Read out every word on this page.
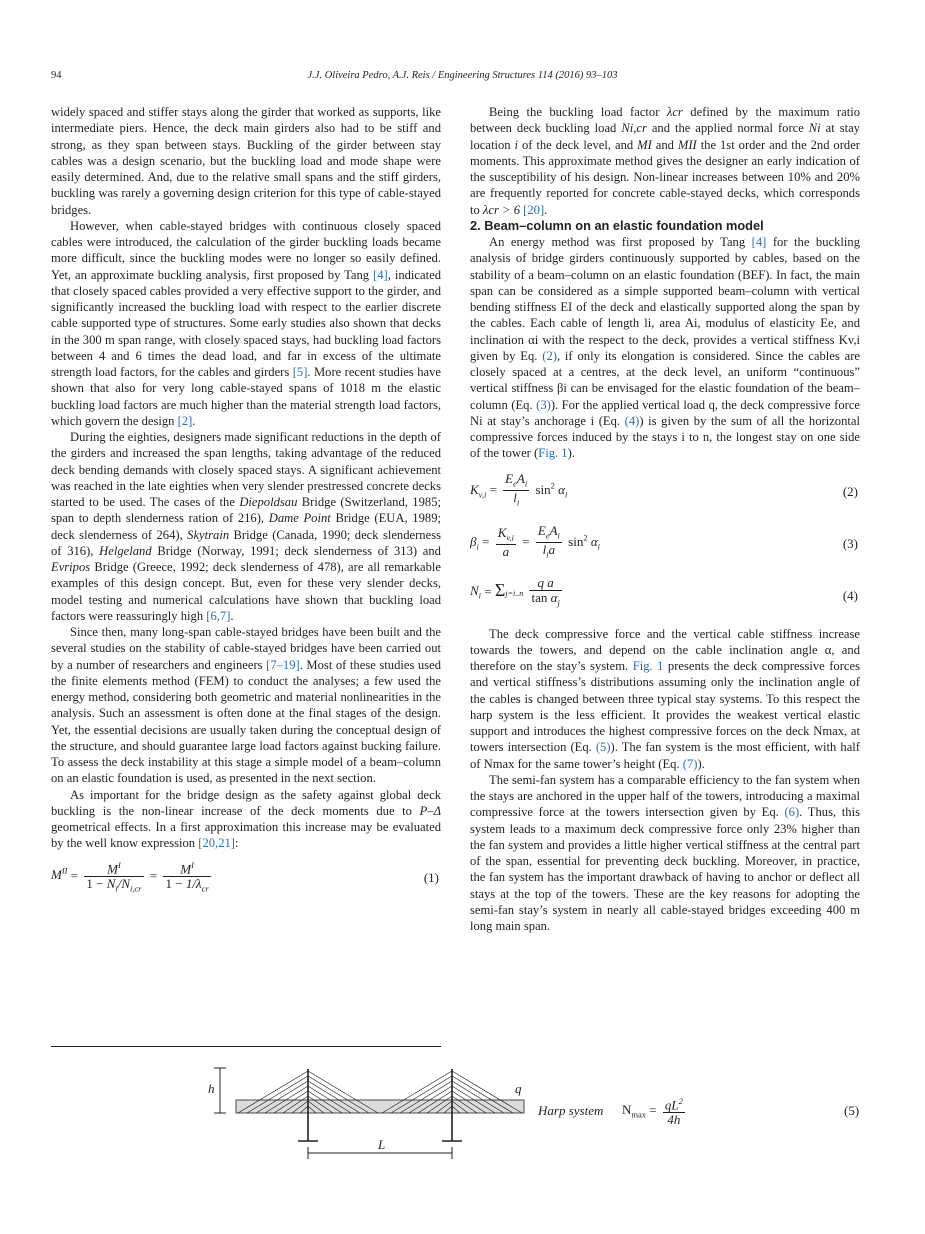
94	J.J. Oliveira Pedro, A.J. Reis / Engineering Structures 114 (2016) 93–103

widely spaced and stiffer stays along the girder that worked as supports, like intermediate piers. Hence, the deck main girders also had to be stiff and strong, as they span between stays. Buckling of the girder between stay cables was a design scenario, but the buckling load and mode shape were easily determined. And, due to the relative small spans and the stiff girders, buckling was rarely a governing design criterion for this type of cable-stayed bridges.

However, when cable-stayed bridges with continuous closely spaced cables were introduced, the calculation of the girder buckling loads became more difficult, since the buckling modes were no longer so easily defined. Yet, an approximate buckling analysis, first proposed by Tang [4], indicated that closely spaced cables provided a very effective support to the girder, and significantly increased the buckling load with respect to the earlier discrete cable supported type of structures. Some early studies also shown that decks in the 300 m span range, with closely spaced stays, had buckling load factors between 4 and 6 times the dead load, and far in excess of the ultimate strength load factors, for the cables and girders [5]. More recent studies have shown that also for very long cable-stayed spans of 1018 m the elastic buckling load factors are much higher than the material strength load factors, which govern the design [2].

During the eighties, designers made significant reductions in the depth of the girders and increased the span lengths, taking advantage of the reduced deck bending demands with closely spaced stays. A significant achievement was reached in the late eighties when very slender prestressed concrete decks started to be used. The cases of the Diepoldsau Bridge (Switzerland, 1985; span to depth slenderness ration of 216), Dame Point Bridge (EUA, 1989; deck slenderness of 264), Skytrain Bridge (Canada, 1990; deck slenderness of 316), Helgeland Bridge (Norway, 1991; deck slenderness of 313) and Evripos Bridge (Greece, 1992; deck slenderness of 478), are all remarkable examples of this design concept. But, even for these very slender decks, model testing and numerical calculations have shown that buckling load factors were reassuringly high [6,7].

Since then, many long-span cable-stayed bridges have been built and the several studies on the stability of cable-stayed bridges have been carried out by a number of researchers and engineers [7–19]. Most of these studies used the finite elements method (FEM) to conduct the analyses; a few used the energy method, considering both geometric and material nonlinearities in the analysis. Such an assessment is often done at the final stages of the design. Yet, the essential decisions are usually taken during the conceptual design of the structure, and should guarantee large load factors against bucking failure. To assess the deck instability at this stage a simple model of a beam–column on an elastic foundation is used, as presented in the next section.

As important for the bridge design as the safety against global deck buckling is the non-linear increase of the deck moments due to P–Δ geometrical effects. In a first approximation this increase may be evaluated by the well know expression [20,21]:

$M^{II} = \frac{M^I}{1 - N_i/N_{i,cr}} = \frac{M^I}{1 - 1/\lambda_{cr}}$	(1)

Being the buckling load factor λcr defined by the maximum ratio between deck buckling load Ni,cr and the applied normal force Ni at stay location i of the deck level, and MI and MII the 1st order and the 2nd order moments. This approximate method gives the designer an early indication of the susceptibility of his design. Non-linear increases between 10% and 20% are frequently reported for concrete cable-stayed decks, which corresponds to λcr > 6 [20].

2. Beam–column on an elastic foundation model

An energy method was first proposed by Tang [4] for the buckling analysis of bridge girders continuously supported by cables, based on the stability of a beam–column on an elastic foundation (BEF). In fact, the main span can be considered as a simple supported beam–column with vertical bending stiffness EI of the deck and elastically supported along the span by the cables. Each cable of length li, area Ai, modulus of elasticity Ee, and inclination αi with the respect to the deck, provides a vertical stiffness Kv,i given by Eq. (2), if only its elongation is considered. Since the cables are closely spaced at a centres, at the deck level, an uniform “continuous” vertical stiffness βi can be envisaged for the elastic foundation of the beam–column (Eq. (3)). For the applied vertical load q, the deck compressive force Ni at stay’s anchorage i (Eq. (4)) is given by the sum of all the horizontal compressive forces induced by the stays i to n, the longest stay on one side of the tower (Fig. 1).

$K_{v,i} = \frac{E_eA_i}{l_i} \sin^2 \alpha_i$	(2)
$\beta_i = \frac{K_{v,i}}{a} = \frac{E_eA_i}{l_ia} \sin^2 \alpha_i$	(3)
$N_i = \Sigma j=i..n \frac{\text{q a}}{\tan \alpha_j}$	(4)

The deck compressive force and the vertical cable stiffness increase towards the towers, and depend on the cable inclination angle α, and therefore on the stay’s system. Fig. 1 presents the deck compressive forces and vertical stiffness’s distributions assuming only the inclination angle of the cables is changed between three typical stay systems. To this respect the harp system is the less efficient. It provides the weakest vertical elastic support and introduces the highest compressive forces on the deck Nmax, at towers intersection (Eq. (5)). The fan system is the most efficient, with half of Nmax for the same tower’s height (Eq. (7)).

The semi-fan system has a comparable efficiency to the fan system when the stays are anchored in the upper half of the towers, introducing a maximal compressive force at the towers intersection given by Eq. (6). Thus, this system leads to a maximum deck compressive force only 23% higher than the fan system and provides a little higher vertical stiffness at the central part of the span, essential for preventing deck buckling. Moreover, in practice, the fan system has the important drawback of having to anchor or deflect all stays at the top of the towers. These are the key reasons for adopting the semi-fan stay’s system in nearly all cable-stayed bridges exceeding 400 m long main span.

h	q
L
Harp system $N_{max} = \frac{qL^2}{4h}$	(5)
